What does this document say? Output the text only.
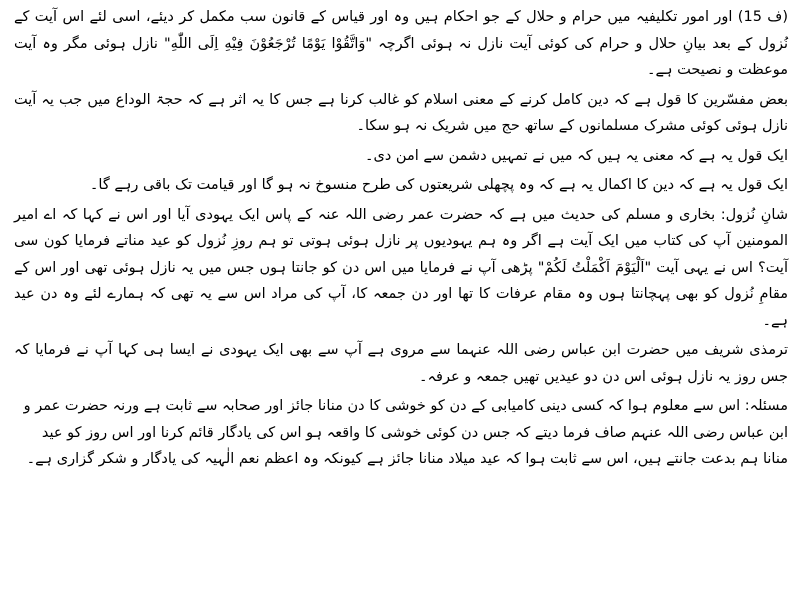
(ف 15) اور امور تکلیفیہ میں حرام و حلال کے جو احکام ہیں وہ اور قیاس کے قانون سب مکمل کر دیئے، اسی لئے اس آیت کے نُزول کے بعد بیانِ حلال و حرام کی کوئی آیت نازل نہ ہوئی اگرچہ "وَاتَّقُوْا یَوْمًا تُرْجَعُوْنَ فِیْهِ اِلَی اللّٰهِ" نازل ہوئی مگر وہ آیت موعظت و نصیحت ہے۔

بعض مفسّرین کا قول ہے کہ دین کامل کرنے کے معنی اسلام کو غالب کرنا ہے جس کا یہ اثر ہے کہ حجۃ الوداع میں جب یہ آیت نازل ہوئی کوئی مشرک مسلمانوں کے ساتھ حج میں شریک نہ ہو سکا۔

ایک قول یہ ہے کہ معنی یہ ہیں کہ میں نے تمہیں دشمن سے امن دی۔

ایک قول یہ ہے کہ دین کا اکمال یہ ہے کہ وہ پچھلی شریعتوں کی طرح منسوخ نہ ہو گا اور قیامت تک باقی رہے گا۔

شانِ نُزول: بخاری و مسلم کی حدیث میں ہے کہ حضرت عمر رضی اللہ عنہ کے پاس ایک یہودی آیا اور اس نے کہا کہ اے امیر المومنین آپ کی کتاب میں ایک آیت ہے اگر وہ ہم یہودیوں پر نازل ہوئی ہوتی تو ہم روزِ نُزول کو عید مناتے فرمایا کون سی آیت؟ اس نے یہی آیت "اَلْیَوْمَ اَكْمَلْتُ لَكُمْ" پڑھی آپ نے فرمایا میں اس دن کو جانتا ہوں جس میں یہ نازل ہوئی تھی اور اس کے مقامِ نُزول کو بھی پہچانتا ہوں وہ مقام عرفات کا تھا اور دن جمعہ کا، آپ کی مراد اس سے یہ تھی کہ ہمارے لئے وہ دن عید ہے۔

ترمذی شریف میں حضرت ابن عباس رضی اللہ عنہما سے مروی ہے آپ سے بھی ایک یہودی نے ایسا ہی کہا آپ نے فرمایا کہ جس روز یہ نازل ہوئی اس دن دو عیدیں تھیں جمعہ و عرفہ۔

مسئلہ: اس سے معلوم ہوا کہ کسی دینی کامیابی کے دن کو خوشی کا دن منانا جائز اور صحابہ سے ثابت ہے ورنہ حضرت عمر و ابن عباس رضی اللہ عنہم صاف فرما دیتے کہ جس دن کوئی خوشی کا واقعہ ہو اس کی یادگار قائم کرنا اور اس روز کو عید منانا ہم بدعت جانتے ہیں، اس سے ثابت ہوا کہ عید میلاد منانا جائز ہے کیونکہ وہ اعظم نعم الٰہیہ کی یادگار و شکر گزاری ہے۔
